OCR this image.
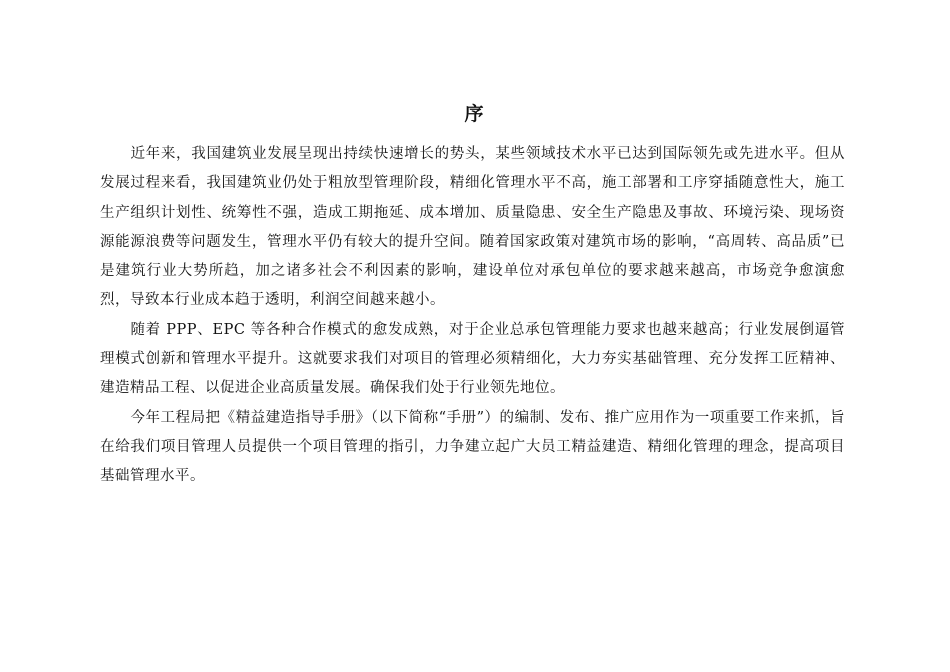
序

近年来，我国建筑业发展呈现出持续快速增长的势头，某些领域技术水平已达到国际领先或先进水平。但从发展过程来看，我国建筑业仍处于粗放型管理阶段，精细化管理水平不高，施工部署和工序穿插随意性大，施工生产组织计划性、统筹性不强，造成工期拖延、成本增加、质量隐患、安全生产隐患及事故、环境污染、现场资源能源浪费等问题发生，管理水平仍有较大的提升空间。随着国家政策对建筑市场的影响，“高周转、高品质”已是建筑行业大势所趋，加之诸多社会不利因素的影响，建设单位对承包单位的要求越来越高，市场竞争愈演愈烈，导致本行业成本趋于透明，利润空间越来越小。

随着 PPP、EPC 等各种合作模式的愈发成熟，对于企业总承包管理能力要求也越来越高；行业发展倒逼管理模式创新和管理水平提升。这就要求我们对项目的管理必须精细化，大力夯实基础管理、充分发挥工匠精神、建造精品工程、以促进企业高质量发展。确保我们处于行业领先地位。

今年工程局把《精益建造指导手册》（以下简称“手册”）的编制、发布、推广应用作为一项重要工作来抓，旨在给我们项目管理人员提供一个项目管理的指引，力争建立起广大员工精益建造、精细化管理的理念，提高项目基础管理水平。
